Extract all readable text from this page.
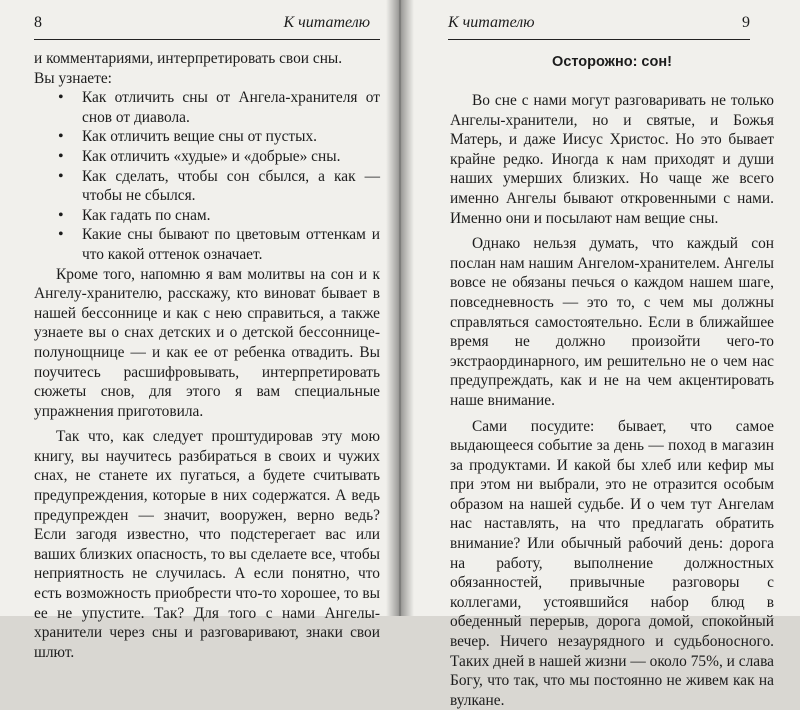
8	К читателю

и комментариями, интерпретировать свои сны.

Вы узнаете:

• Как отличить сны от Ангела-хранителя от снов от диавола.
• Как отличить вещие сны от пустых.
• Как отличить «худые» и «добрые» сны.
• Как сделать, чтобы сон сбылся, а как — чтобы не сбылся.
• Как гадать по снам.
• Какие сны бывают по цветовым оттенкам и что какой оттенок означает.

Кроме того, напомню я вам молитвы на сон и к Ангелу-хранителю, расскажу, кто виноват бывает в нашей бессоннице и как с нею справиться, а также узнаете вы о снах детских и о детской бессоннице-полунощнице — и как ее от ребенка отвадить. Вы поучитесь расшифровывать, интерпретировать сюжеты снов, для этого я вам специальные упражнения приготовила.

Так что, как следует проштудировав эту мою книгу, вы научитесь разбираться в своих и чужих снах, не станете их пугаться, а будете считывать предупреждения, которые в них содержатся. А ведь предупрежден — значит, вооружен, верно ведь? Если загодя известно, что подстерегает вас или ваших близких опасность, то вы сделаете все, чтобы неприятность не случилась. А если понятно, что есть возможность приобрести что-то хорошее, то вы ее не упустите. Так? Для того с нами Ангелы-хранители через сны и разговаривают, знаки свои шлют.

К читателю	9
Осторожно: сон!

Во сне с нами могут разговаривать не только Ангелы-хранители, но и святые, и Божья Матерь, и даже Иисус Христос. Но это бывает крайне редко. Иногда к нам приходят и души наших умерших близких. Но чаще же всего именно Ангелы бывают откровенными с нами. Именно они и посылают нам вещие сны.

Однако нельзя думать, что каждый сон послан нам нашим Ангелом-хранителем. Ангелы вовсе не обязаны печься о каждом нашем шаге, повседневность — это то, с чем мы должны справляться самостоятельно. Если в ближайшее время не должно произойти чего-то экстраординарного, им решительно не о чем нас предупреждать, как и не на чем акцентировать наше внимание.

Сами посудите: бывает, что самое выдающееся событие за день — поход в магазин за продуктами. И какой бы хлеб или кефир мы при этом ни выбрали, это не отразится особым образом на нашей судьбе. И о чем тут Ангелам нас наставлять, на что предлагать обратить внимание? Или обычный рабочий день: дорога на работу, выполнение должностных обязанностей, привычные разговоры с коллегами, устоявшийся набор блюд в обеденный перерыв, дорога домой, спокойный вечер. Ничего незаурядного и судьбоносного. Таких дней в нашей жизни — около 75%, и слава Богу, что так, что мы постоянно не живем как на вулкане.
